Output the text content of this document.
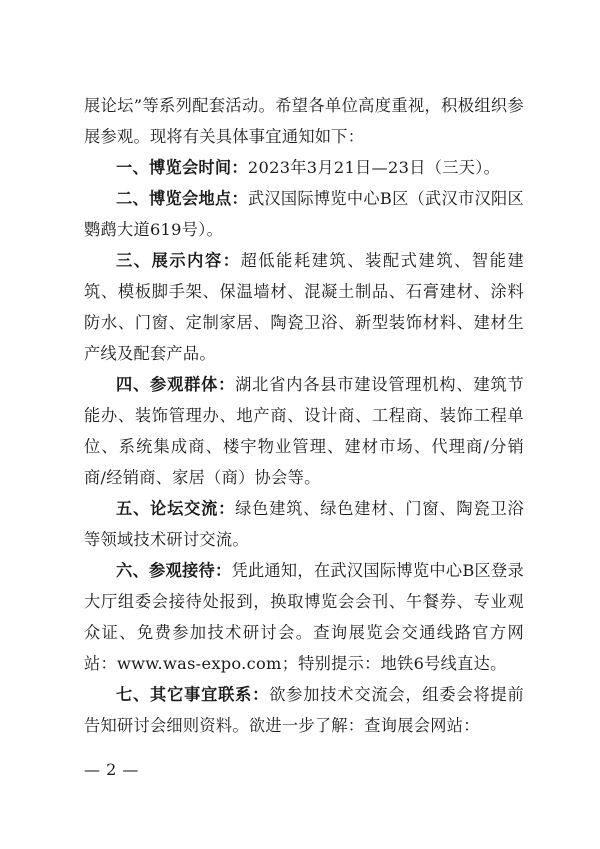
展论坛”等系列配套活动。希望各单位高度重视，积极组织参展参观。现将有关具体事宜通知如下：

一、博览会时间：2023年3月21日—23日（三天）。

二、博览会地点：武汉国际博览中心B区（武汉市汉阳区鹦鹉大道619号）。

三、展示内容：超低能耗建筑、装配式建筑、智能建筑、模板脚手架、保温墙材、混凝土制品、石膏建材、涂料防水、门窗、定制家居、陶瓷卫浴、新型装饰材料、建材生产线及配套产品。

四、参观群体：湖北省内各县市建设管理机构、建筑节能办、装饰管理办、地产商、设计商、工程商、装饰工程单位、系统集成商、楼宇物业管理、建材市场、代理商/分销商/经销商、家居（商）协会等。

五、论坛交流：绿色建筑、绿色建材、门窗、陶瓷卫浴等领域技术研讨交流。

六、参观接待：凭此通知，在武汉国际博览中心B区登录大厅组委会接待处报到，换取博览会会刊、午餐券、专业观众证、免费参加技术研讨会。查询展览会交通线路官方网站：www.was-expo.com；特别提示：地铁6号线直达。

七、其它事宜联系：欲参加技术交流会，组委会将提前告知研讨会细则资料。欲进一步了解：查询展会网站：

— 2 —
